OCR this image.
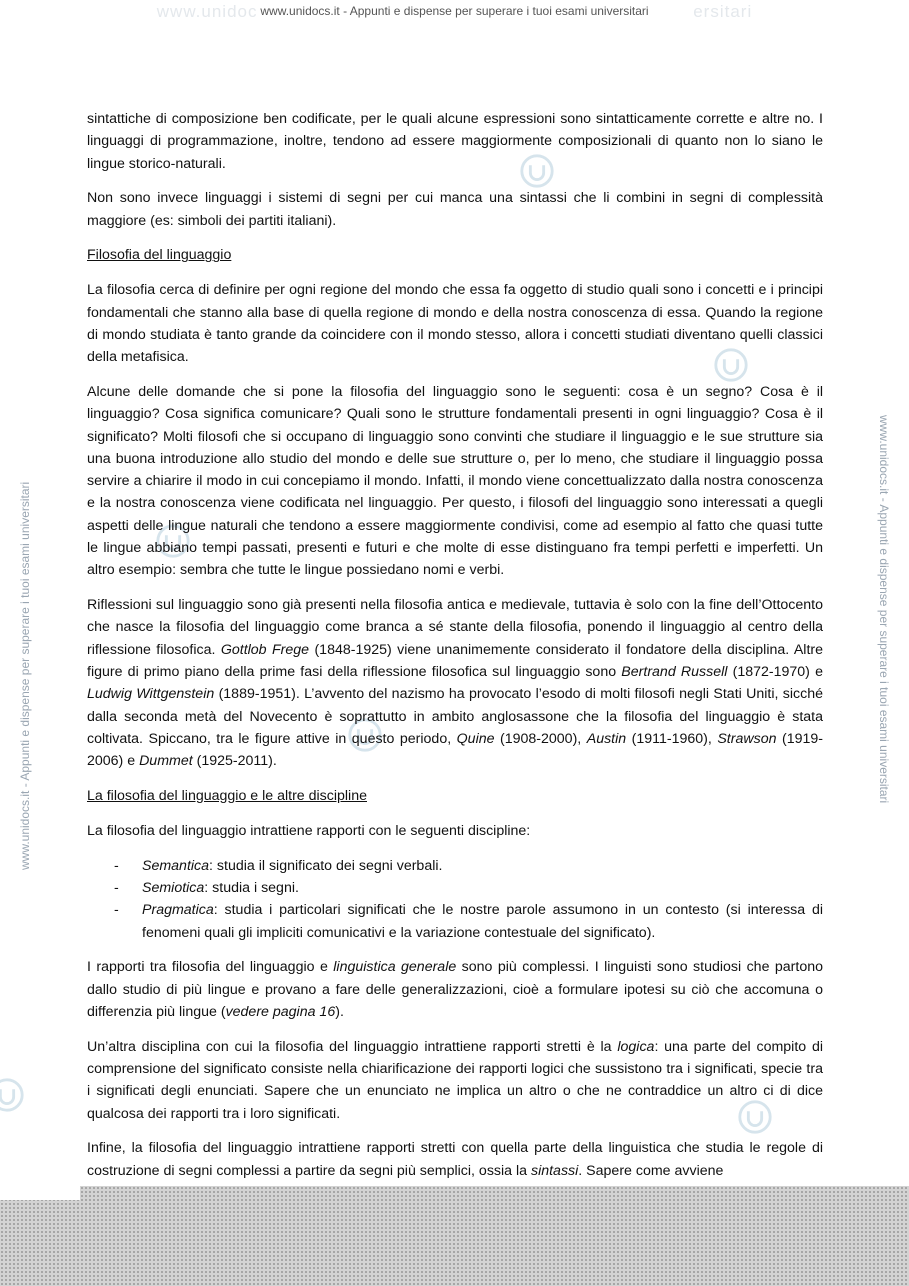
www.unidoc	ersitari
www.unidocs.it - Appunti e dispense per superare i tuoi esami universitari
www.unidocs.it - Appunti e dispense per superare i tuoi esami universitari	www.unidocs.it - Appunti e dispense per superare i tuoi esami universitari

sintattiche di composizione ben codificate, per le quali alcune espressioni sono sintatticamente corrette e altre no. I linguaggi di programmazione, inoltre, tendono ad essere maggiormente composizionali di quanto non lo siano le lingue storico-naturali.

Non sono invece linguaggi i sistemi di segni per cui manca una sintassi che li combini in segni di complessità maggiore (es: simboli dei partiti italiani).

Filosofia del linguaggio

La filosofia cerca di definire per ogni regione del mondo che essa fa oggetto di studio quali sono i concetti e i principi fondamentali che stanno alla base di quella regione di mondo e della nostra conoscenza di essa. Quando la regione di mondo studiata è tanto grande da coincidere con il mondo stesso, allora i concetti studiati diventano quelli classici della metafisica.

Alcune delle domande che si pone la filosofia del linguaggio sono le seguenti: cosa è un segno? Cosa è il linguaggio? Cosa significa comunicare? Quali sono le strutture fondamentali presenti in ogni linguaggio? Cosa è il significato? Molti filosofi che si occupano di linguaggio sono convinti che studiare il linguaggio e le sue strutture sia una buona introduzione allo studio del mondo e delle sue strutture o, per lo meno, che studiare il linguaggio possa servire a chiarire il modo in cui concepiamo il mondo. Infatti, il mondo viene concettualizzato dalla nostra conoscenza e la nostra conoscenza viene codificata nel linguaggio. Per questo, i filosofi del linguaggio sono interessati a quegli aspetti delle lingue naturali che tendono a essere maggiormente condivisi, come ad esempio al fatto che quasi tutte le lingue abbiano tempi passati, presenti e futuri e che molte di esse distinguano fra tempi perfetti e imperfetti. Un altro esempio: sembra che tutte le lingue possiedano nomi e verbi.

Riflessioni sul linguaggio sono già presenti nella filosofia antica e medievale, tuttavia è solo con la fine dell’Ottocento che nasce la filosofia del linguaggio come branca a sé stante della filosofia, ponendo il linguaggio al centro della riflessione filosofica. Gottlob Frege (1848-1925) viene unanimemente considerato il fondatore della disciplina. Altre figure di primo piano della prime fasi della riflessione filosofica sul linguaggio sono Bertrand Russell (1872-1970) e Ludwig Wittgenstein (1889-1951). L’avvento del nazismo ha provocato l’esodo di molti filosofi negli Stati Uniti, sicché dalla seconda metà del Novecento è soprattutto in ambito anglosassone che la filosofia del linguaggio è stata coltivata. Spiccano, tra le figure attive in questo periodo, Quine (1908-2000), Austin (1911-1960), Strawson (1919-2006) e Dummet (1925-2011).

La filosofia del linguaggio e le altre discipline

La filosofia del linguaggio intrattiene rapporti con le seguenti discipline:

- Semantica: studia il significato dei segni verbali.
- Semiotica: studia i segni.
- Pragmatica: studia i particolari significati che le nostre parole assumono in un contesto (si interessa di fenomeni quali gli impliciti comunicativi e la variazione contestuale del significato).

I rapporti tra filosofia del linguaggio e linguistica generale sono più complessi. I linguisti sono studiosi che partono dallo studio di più lingue e provano a fare delle generalizzazioni, cioè a formulare ipotesi su ciò che accomuna o differenzia più lingue (vedere pagina 16).

Un’altra disciplina con cui la filosofia del linguaggio intrattiene rapporti stretti è la logica: una parte del compito di comprensione del significato consiste nella chiarificazione dei rapporti logici che sussistono tra i significati, specie tra i significati degli enunciati. Sapere che un enunciato ne implica un altro o che ne contraddice un altro ci di dice qualcosa dei rapporti tra i loro significati.

Infine, la filosofia del linguaggio intrattiene rapporti stretti con quella parte della linguistica che studia le regole di costruzione di segni complessi a partire da segni più semplici, ossia la sintassi. Sapere come avviene
